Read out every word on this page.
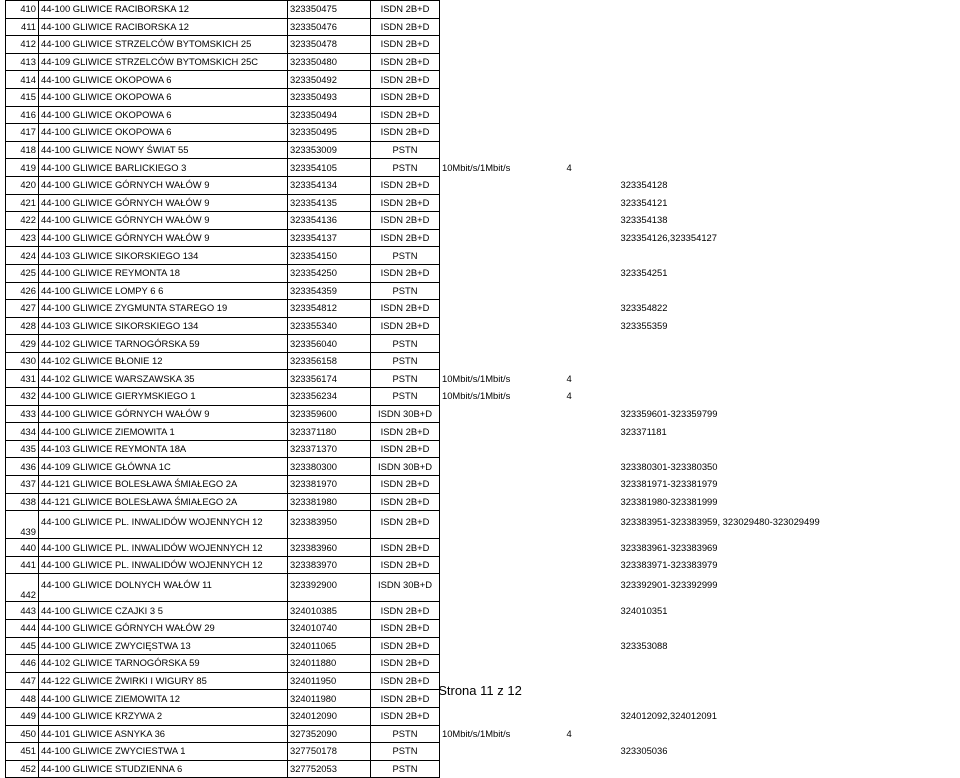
410	44-100 GLIWICE RACIBORSKA 12	323350475	ISDN 2B+D				
411	44-100 GLIWICE RACIBORSKA 12	323350476	ISDN 2B+D				
412	44-100 GLIWICE STRZELCÓW BYTOMSKICH 25	323350478	ISDN 2B+D				
413	44-109 GLIWICE STRZELCÓW BYTOMSKICH 25C	323350480	ISDN 2B+D				
414	44-100 GLIWICE OKOPOWA 6	323350492	ISDN 2B+D				
415	44-100 GLIWICE OKOPOWA 6	323350493	ISDN 2B+D				
416	44-100 GLIWICE OKOPOWA 6	323350494	ISDN 2B+D				
417	44-100 GLIWICE OKOPOWA 6	323350495	ISDN 2B+D				
418	44-100 GLIWICE NOWY ŚWIAT 55	323353009	PSTN				
419	44-100 GLIWICE BARLICKIEGO 3	323354105	PSTN	10Mbit/s/1Mbit/s	4		
420	44-100 GLIWICE GÓRNYCH WAŁÓW 9	323354134	ISDN 2B+D				323354128
421	44-100 GLIWICE GÓRNYCH WAŁÓW 9	323354135	ISDN 2B+D				323354121
422	44-100 GLIWICE GÓRNYCH WAŁÓW 9	323354136	ISDN 2B+D				323354138
423	44-100 GLIWICE GÓRNYCH WAŁÓW 9	323354137	ISDN 2B+D				323354126,323354127
424	44-103 GLIWICE SIKORSKIEGO 134	323354150	PSTN				
425	44-100 GLIWICE REYMONTA 18	323354250	ISDN 2B+D				323354251
426	44-100 GLIWICE LOMPY 6 6	323354359	PSTN				
427	44-100 GLIWICE ZYGMUNTA STAREGO 19	323354812	ISDN 2B+D				323354822
428	44-103 GLIWICE SIKORSKIEGO 134	323355340	ISDN 2B+D				323355359
429	44-102 GLIWICE TARNOGÓRSKA 59	323356040	PSTN				
430	44-102 GLIWICE BŁONIE 12	323356158	PSTN				
431	44-102 GLIWICE WARSZAWSKA 35	323356174	PSTN	10Mbit/s/1Mbit/s	4		
432	44-100 GLIWICE GIERYMSKIEGO 1	323356234	PSTN	10Mbit/s/1Mbit/s	4		
433	44-100 GLIWICE GÓRNYCH WAŁÓW 9	323359600	ISDN 30B+D				323359601-323359799
434	44-100 GLIWICE ZIEMOWITA 1	323371180	ISDN 2B+D				323371181
435	44-103 GLIWICE REYMONTA 18A	323371370	ISDN 2B+D				
436	44-109 GLIWICE GŁÓWNA 1C	323380300	ISDN 30B+D				323380301-323380350
437	44-121 GLIWICE BOLESŁAWA ŚMIAŁEGO 2A	323381970	ISDN 2B+D				323381971-323381979
438	44-121 GLIWICE BOLESŁAWA ŚMIAŁEGO 2A	323381980	ISDN 2B+D				323381980-323381999
439	44-100 GLIWICE PL. INWALIDÓW WOJENNYCH 12	323383950	ISDN 2B+D				323383951-323383959, 323029480-323029499
440	44-100 GLIWICE PL. INWALIDÓW WOJENNYCH 12	323383960	ISDN 2B+D				323383961-323383969
441	44-100 GLIWICE PL. INWALIDÓW WOJENNYCH 12	323383970	ISDN 2B+D				323383971-323383979
442	44-100 GLIWICE DOLNYCH WAŁÓW 11	323392900	ISDN 30B+D				323392901-323392999
443	44-100 GLIWICE CZAJKI 3 5	324010385	ISDN 2B+D				324010351
444	44-100 GLIWICE GÓRNYCH WAŁÓW 29	324010740	ISDN 2B+D				
445	44-100 GLIWICE ZWYCIĘSTWA 13	324011065	ISDN 2B+D				323353088
446	44-102 GLIWICE TARNOGÓRSKA 59	324011880	ISDN 2B+D				
447	44-122 GLIWICE ŻWIRKI I WIGURY 85	324011950	ISDN 2B+D				
448	44-100 GLIWICE ZIEMOWITA 12	324011980	ISDN 2B+D				
449	44-100 GLIWICE KRZYWA 2	324012090	ISDN 2B+D				324012092,324012091
450	44-101 GLIWICE ASNYKA 36	327352090	PSTN	10Mbit/s/1Mbit/s	4		
451	44-100 GLIWICE ZWYCIESTWA 1	327750178	PSTN				323305036
452	44-100 GLIWICE STUDZIENNA 6	327752053	PSTN				
Strona 11 z 12
